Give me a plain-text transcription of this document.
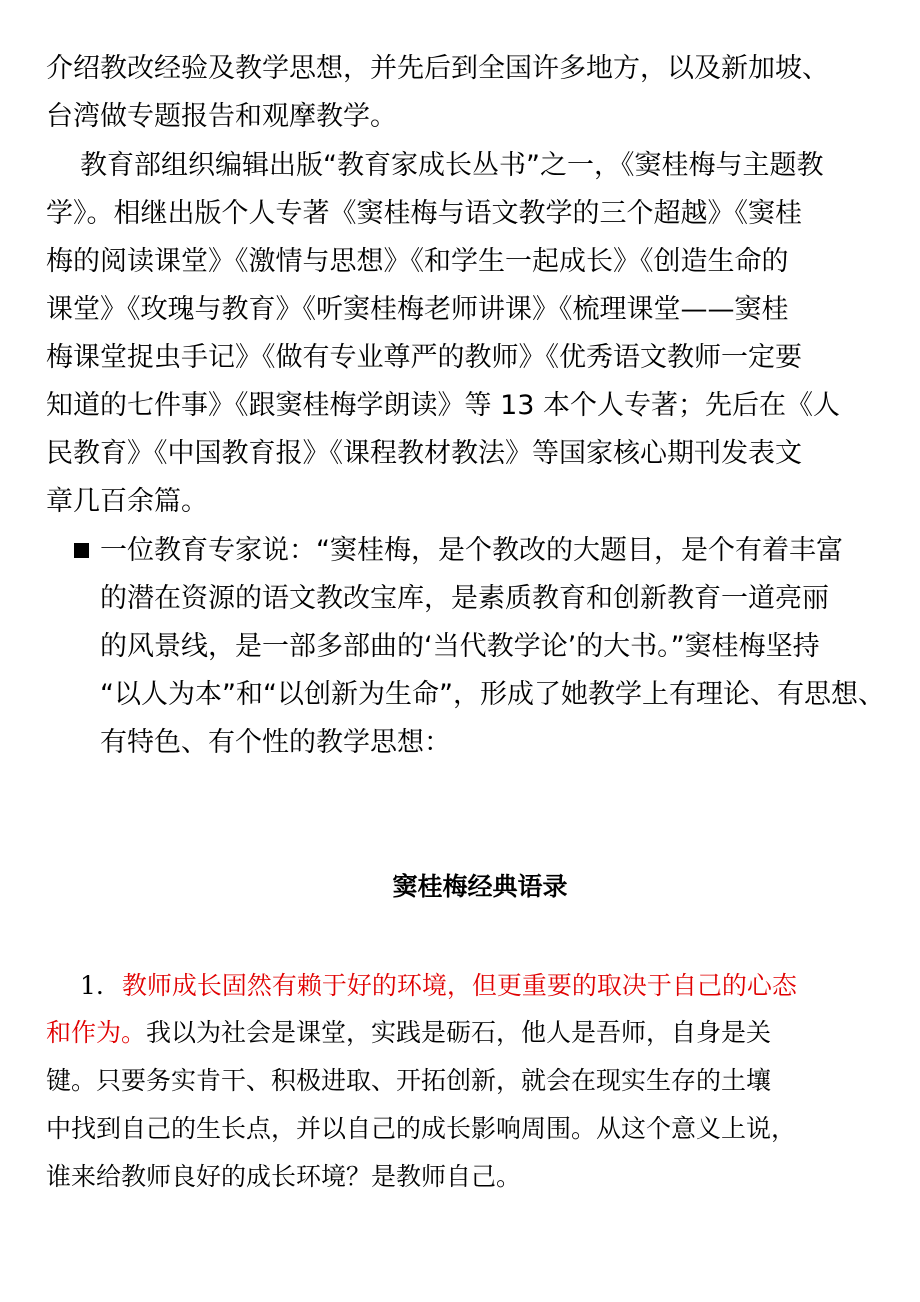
介绍教改经验及教学思想，并先后到全国许多地方，以及新加坡、
台湾做专题报告和观摩教学。
教育部组织编辑出版“教育家成长丛书”之一，《窦桂梅与主题教
学》。相继出版个人专著《窦桂梅与语文教学的三个超越》《窦桂
梅的阅读课堂》《激情与思想》《和学生一起成长》《创造生命的
课堂》《玫瑰与教育》《听窦桂梅老师讲课》《梳理课堂——窦桂
梅课堂捉虫手记》《做有专业尊严的教师》《优秀语文教师一定要
知道的七件事》《跟窦桂梅学朗读》等 13 本个人专著；先后在《人
民教育》《中国教育报》《课程教材教法》等国家核心期刊发表文
章几百余篇。
一位教育专家说：“窦桂梅，是个教改的大题目，是个有着丰富
的潜在资源的语文教改宝库，是素质教育和创新教育一道亮丽
的风景线，是一部多部曲的‘当代教学论’的大书。”窦桂梅坚持
“以人为本”和“以创新为生命”，形成了她教学上有理论、有思想、
有特色、有个性的教学思想：
窦桂梅经典语录
1. 教师成长固然有赖于好的环境，但更重要的取决于自己的心态
和作为。我以为社会是课堂，实践是砺石，他人是吾师，自身是关
键。只要务实肯干、积极进取、开拓创新，就会在现实生存的土壤
中找到自己的生长点，并以自己的成长影响周围。从这个意义上说，
谁来给教师良好的成长环境？是教师自己。
